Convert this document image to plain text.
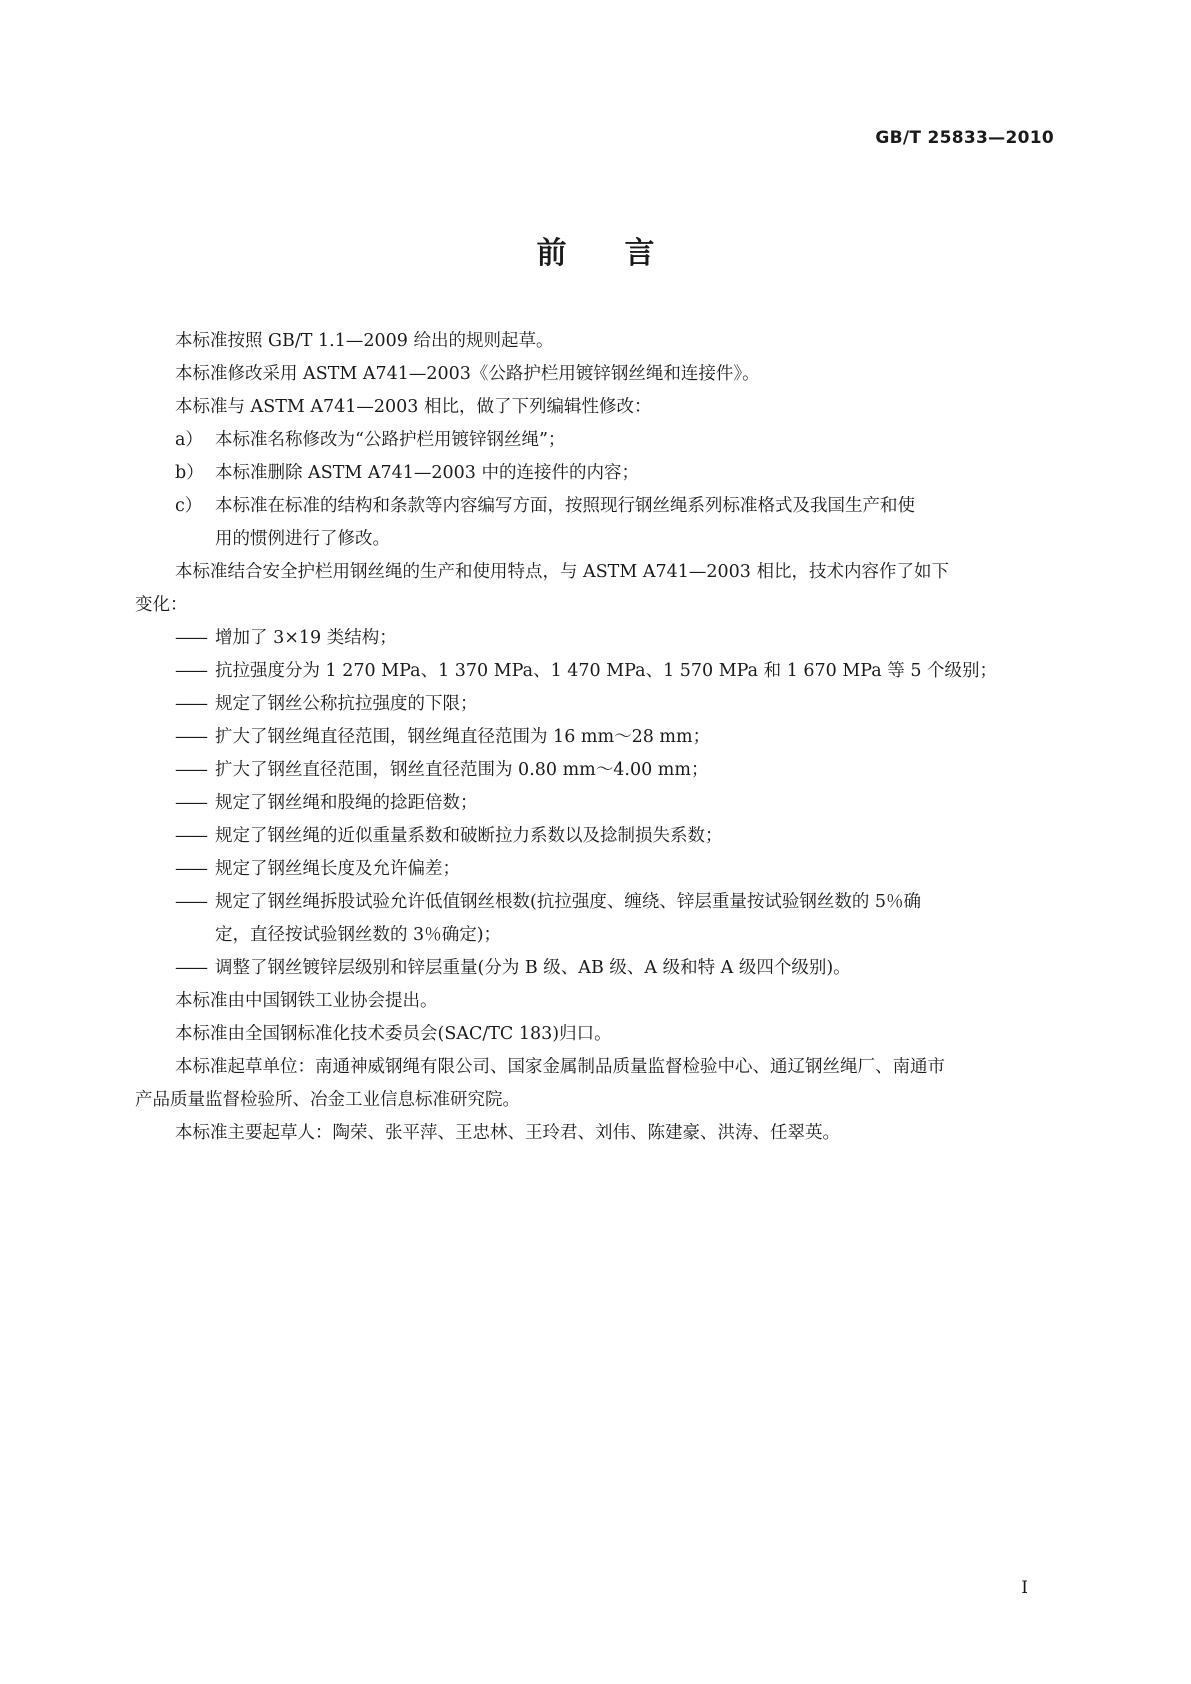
GB/T 25833—2010
前言
本标准按照 GB/T 1.1—2009 给出的规则起草。
本标准修改采用 ASTM A741—2003《公路护栏用镀锌钢丝绳和连接件》。
本标准与 ASTM A741—2003 相比，做了下列编辑性修改：
a） 本标准名称修改为“公路护栏用镀锌钢丝绳”；
b） 本标准删除 ASTM A741—2003 中的连接件的内容；
c） 本标准在标准的结构和条款等内容编写方面，按照现行钢丝绳系列标准格式及我国生产和使
用的惯例进行了修改。
本标准结合安全护栏用钢丝绳的生产和使用特点，与 ASTM A741—2003 相比，技术内容作了如下
变化：
—— 增加了 3×19 类结构；
—— 抗拉强度分为 1 270 MPa、1 370 MPa、1 470 MPa、1 570 MPa 和 1 670 MPa 等 5 个级别；
—— 规定了钢丝公称抗拉强度的下限；
—— 扩大了钢丝绳直径范围，钢丝绳直径范围为 16 mm～28 mm；
—— 扩大了钢丝直径范围，钢丝直径范围为 0.80 mm～4.00 mm；
—— 规定了钢丝绳和股绳的捻距倍数；
—— 规定了钢丝绳的近似重量系数和破断拉力系数以及捻制损失系数；
—— 规定了钢丝绳长度及允许偏差；
—— 规定了钢丝绳拆股试验允许低值钢丝根数(抗拉强度、缠绕、锌层重量按试验钢丝数的 5％确
定，直径按试验钢丝数的 3％确定)；
—— 调整了钢丝镀锌层级别和锌层重量(分为 B 级、AB 级、A 级和特 A 级四个级别)。
本标准由中国钢铁工业协会提出。
本标准由全国钢标准化技术委员会(SAC/TC 183)归口。
本标准起草单位：南通神威钢绳有限公司、国家金属制品质量监督检验中心、通辽钢丝绳厂、南通市
产品质量监督检验所、冶金工业信息标准研究院。
本标准主要起草人：陶荣、张平萍、王忠林、王玲君、刘伟、陈建豪、洪涛、任翠英。
I
